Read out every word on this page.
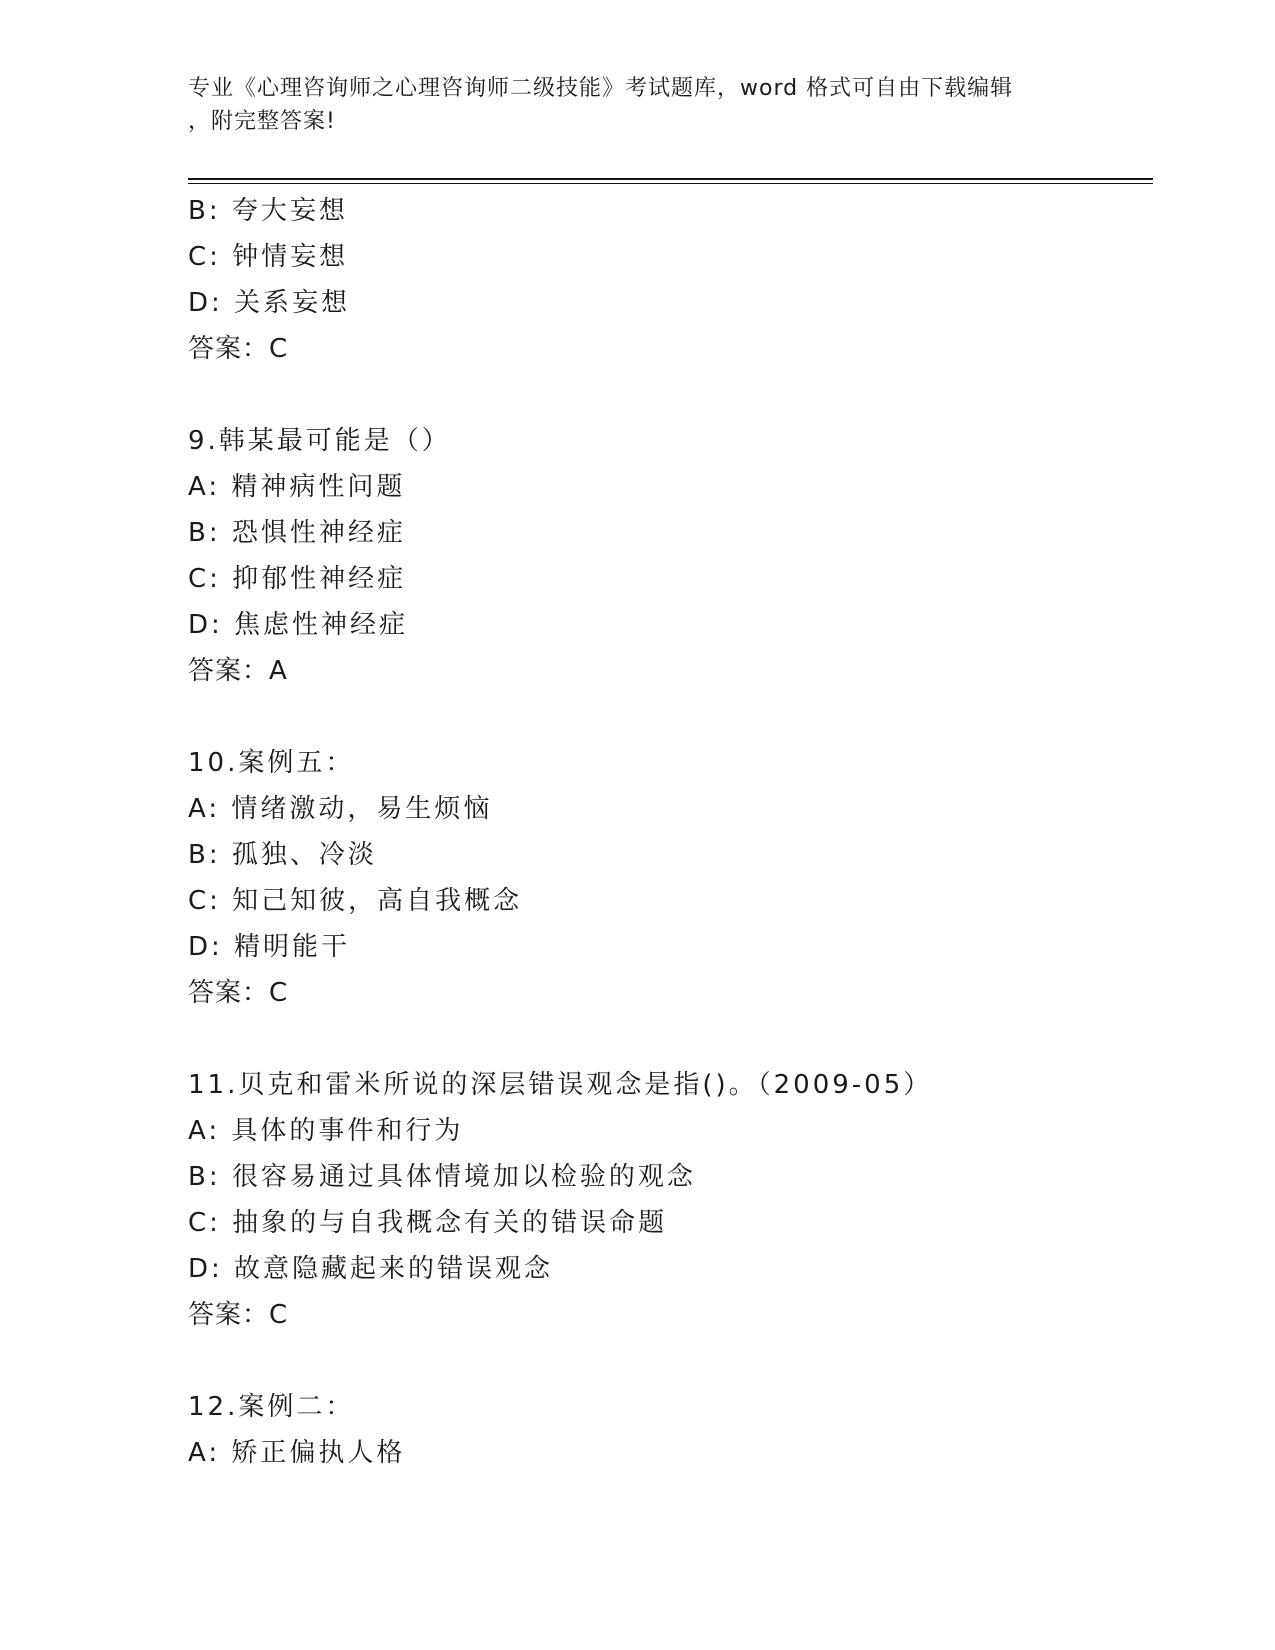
专业《心理咨询师之心理咨询师二级技能》考试题库，word 格式可自由下载编辑
，附完整答案!
B: 夸大妄想
C: 钟情妄想
D: 关系妄想
答案：C
9.韩某最可能是（）
A: 精神病性问题
B: 恐惧性神经症
C: 抑郁性神经症
D: 焦虑性神经症
答案：A
10.案例五：
A: 情绪激动，易生烦恼
B: 孤独、冷淡
C: 知己知彼，高自我概念
D: 精明能干
答案：C
11.贝克和雷米所说的深层错误观念是指()。（2009-05）
A: 具体的事件和行为
B: 很容易通过具体情境加以检验的观念
C: 抽象的与自我概念有关的错误命题
D: 故意隐藏起来的错误观念
答案：C
12.案例二：
A: 矫正偏执人格
